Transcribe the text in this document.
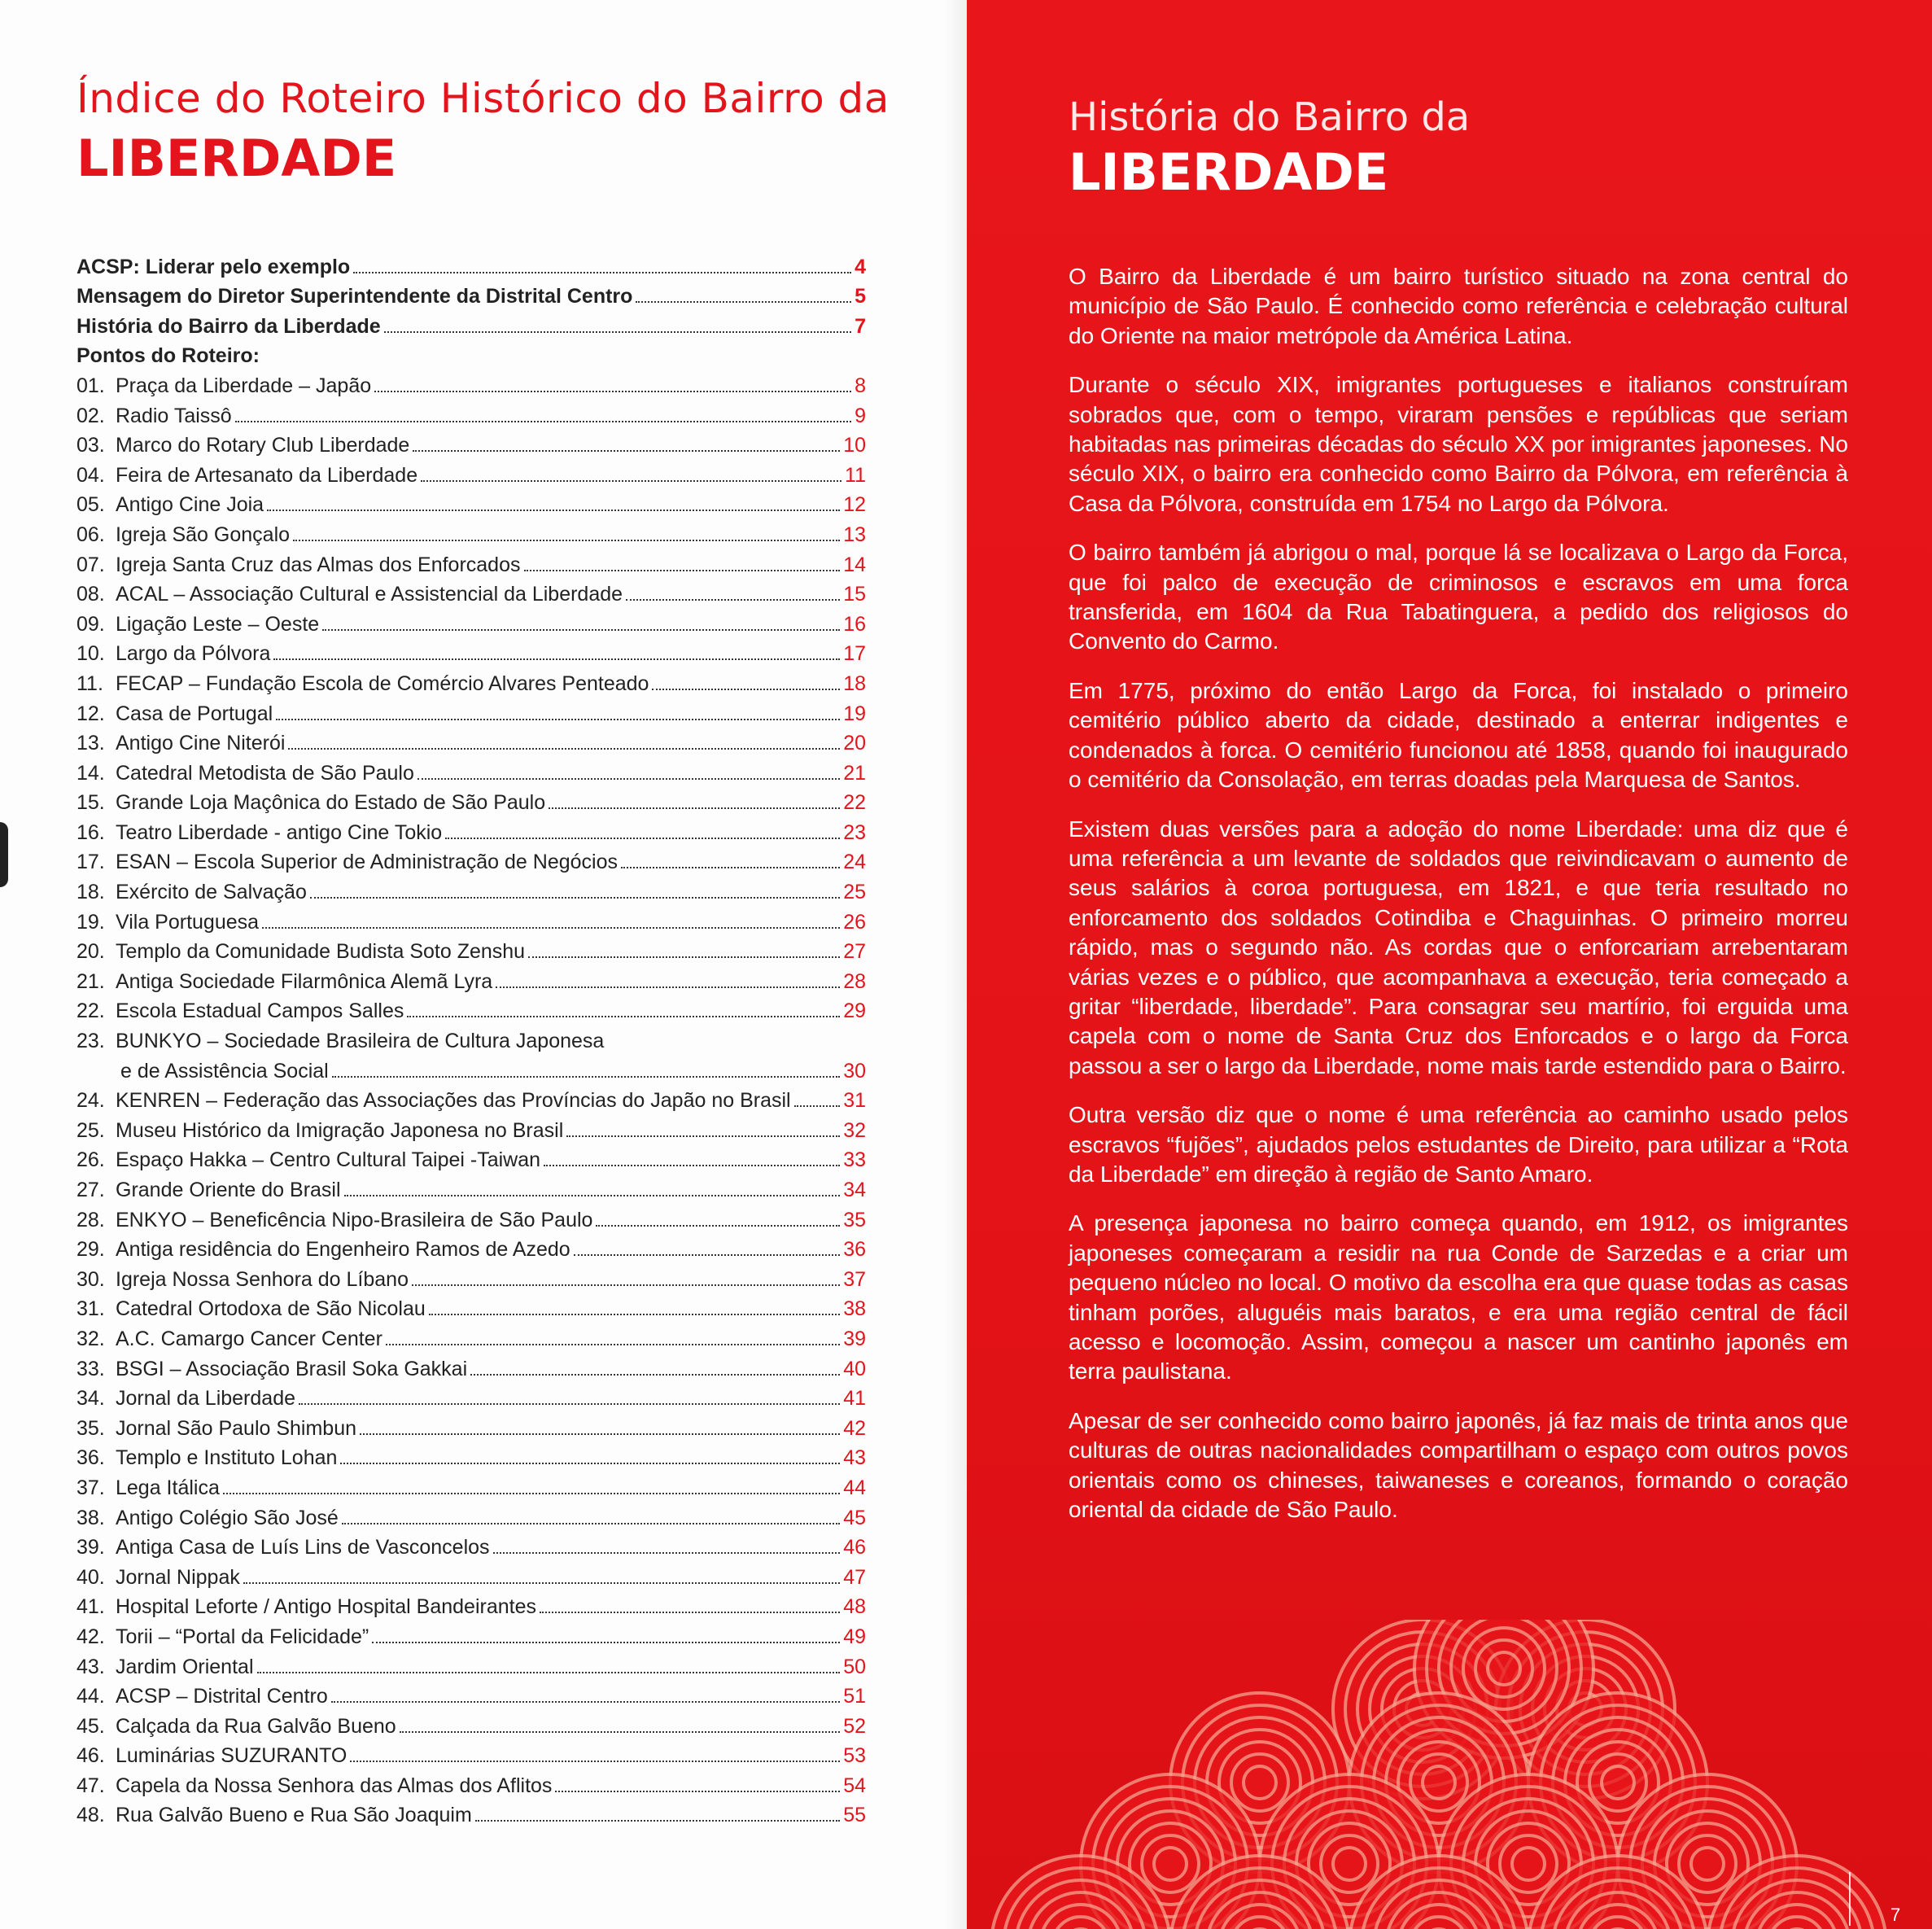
Índice do Roteiro Histórico do Bairro da
LIBERDADE
ACSP: Liderar pelo exemplo	4
Mensagem do Diretor Superintendente da Distrital Centro	5
História do Bairro da Liberdade	7
Pontos do Roteiro:
01. Praça da Liberdade – Japão	8
02. Radio Taissô	9
03. Marco do Rotary Club Liberdade	10
04. Feira de Artesanato da Liberdade	11
05. Antigo Cine Joia	12
06. Igreja São Gonçalo	13
07. Igreja Santa Cruz das Almas dos Enforcados	14
08. ACAL – Associação Cultural e Assistencial da Liberdade	15
09. Ligação Leste – Oeste	16
10. Largo da Pólvora	17
11. FECAP – Fundação Escola de Comércio Alvares Penteado	18
12. Casa de Portugal	19
13. Antigo Cine Niterói	20
14. Catedral Metodista de São Paulo	21
15. Grande Loja Maçônica do Estado de São Paulo	22
16. Teatro Liberdade - antigo Cine Tokio	23
17. ESAN – Escola Superior de Administração de Negócios	24
18. Exército de Salvação	25
19. Vila Portuguesa	26
20. Templo da Comunidade Budista Soto Zenshu	27
21. Antiga Sociedade Filarmônica Alemã Lyra	28
22. Escola Estadual Campos Salles	29
23. BUNKYO – Sociedade Brasileira de Cultura Japonesa
e de Assistência Social	30
24. KENREN – Federação das Associações das Províncias do Japão no Brasil	31
25. Museu Histórico da Imigração Japonesa no Brasil	32
26. Espaço Hakka – Centro Cultural Taipei -Taiwan	33
27. Grande Oriente do Brasil	34
28. ENKYO – Beneficência Nipo-Brasileira de São Paulo	35
29. Antiga residência do Engenheiro Ramos de Azedo	36
30. Igreja Nossa Senhora do Líbano	37
31. Catedral Ortodoxa de São Nicolau	38
32. A.C. Camargo Cancer Center	39
33. BSGI – Associação Brasil Soka Gakkai	40
34. Jornal da Liberdade	41
35. Jornal São Paulo Shimbun	42
36. Templo e Instituto Lohan	43
37. Lega Itálica	44
38. Antigo Colégio São José	45
39. Antiga Casa de Luís Lins de Vasconcelos	46
40. Jornal Nippak	47
41. Hospital Leforte / Antigo Hospital Bandeirantes	48
42. Torii – “Portal da Felicidade”	49
43. Jardim Oriental	50
44. ACSP – Distrital Centro	51
45. Calçada da Rua Galvão Bueno	52
46. Luminárias SUZURANTO	53
47. Capela da Nossa Senhora das Almas dos Aflitos	54
48. Rua Galvão Bueno e Rua São Joaquim	55
História do Bairro da
LIBERDADE

O Bairro da Liberdade é um bairro turístico situado na zona central do município de São Paulo. É conhecido como referência e celebração cultural do Oriente na maior metrópole da América Latina.

Durante o século XIX, imigrantes portugueses e italianos construíram sobrados que, com o tempo, viraram pensões e repúblicas que seriam habitadas nas primeiras décadas do século XX por imigrantes japoneses. No século XIX, o bairro era conhecido como Bairro da Pólvora, em referência à Casa da Pólvora, construída em 1754 no Largo da Pólvora.

O bairro também já abrigou o mal, porque lá se localizava o Largo da Forca, que foi palco de execução de criminosos e escravos em uma forca transferida, em 1604 da Rua Tabatinguera, a pedido dos religiosos do Convento do Carmo.

Em 1775, próximo do então Largo da Forca, foi instalado o primeiro cemitério público aberto da cidade, destinado a enterrar indigentes e condenados à forca. O cemitério funcionou até 1858, quando foi inaugurado o cemitério da Consolação, em terras doadas pela Marquesa de Santos.

Existem duas versões para a adoção do nome Liberdade: uma diz que é uma referência a um levante de soldados que reivindicavam o aumento de seus salários à coroa portuguesa, em 1821, e que teria resultado no enforcamento dos soldados Cotindiba e Chaguinhas. O primeiro morreu rápido, mas o segundo não. As cordas que o enforcariam arrebentaram várias vezes e o público, que acompanhava a execução, teria começado a gritar “liberdade, liberdade”. Para consagrar seu martírio, foi erguida uma capela com o nome de Santa Cruz dos Enforcados e o largo da Forca passou a ser o largo da Liberdade, nome mais tarde estendido para o Bairro.

Outra versão diz que o nome é uma referência ao caminho usado pelos escravos “fujões”, ajudados pelos estudantes de Direito, para utilizar a “Rota da Liberdade” em direção à região de Santo Amaro.

A presença japonesa no bairro começa quando, em 1912, os imigrantes japoneses começaram a residir na rua Conde de Sarzedas e a criar um pequeno núcleo no local. O motivo da escolha era que quase todas as casas tinham porões, aluguéis mais baratos, e era uma região central de fácil acesso e locomoção. Assim, começou a nascer um cantinho japonês em terra paulistana.

Apesar de ser conhecido como bairro japonês, já faz mais de trinta anos que culturas de outras nacionalidades compartilham o espaço com outros povos orientais como os chineses, taiwaneses e coreanos, formando o coração oriental da cidade de São Paulo.

7
